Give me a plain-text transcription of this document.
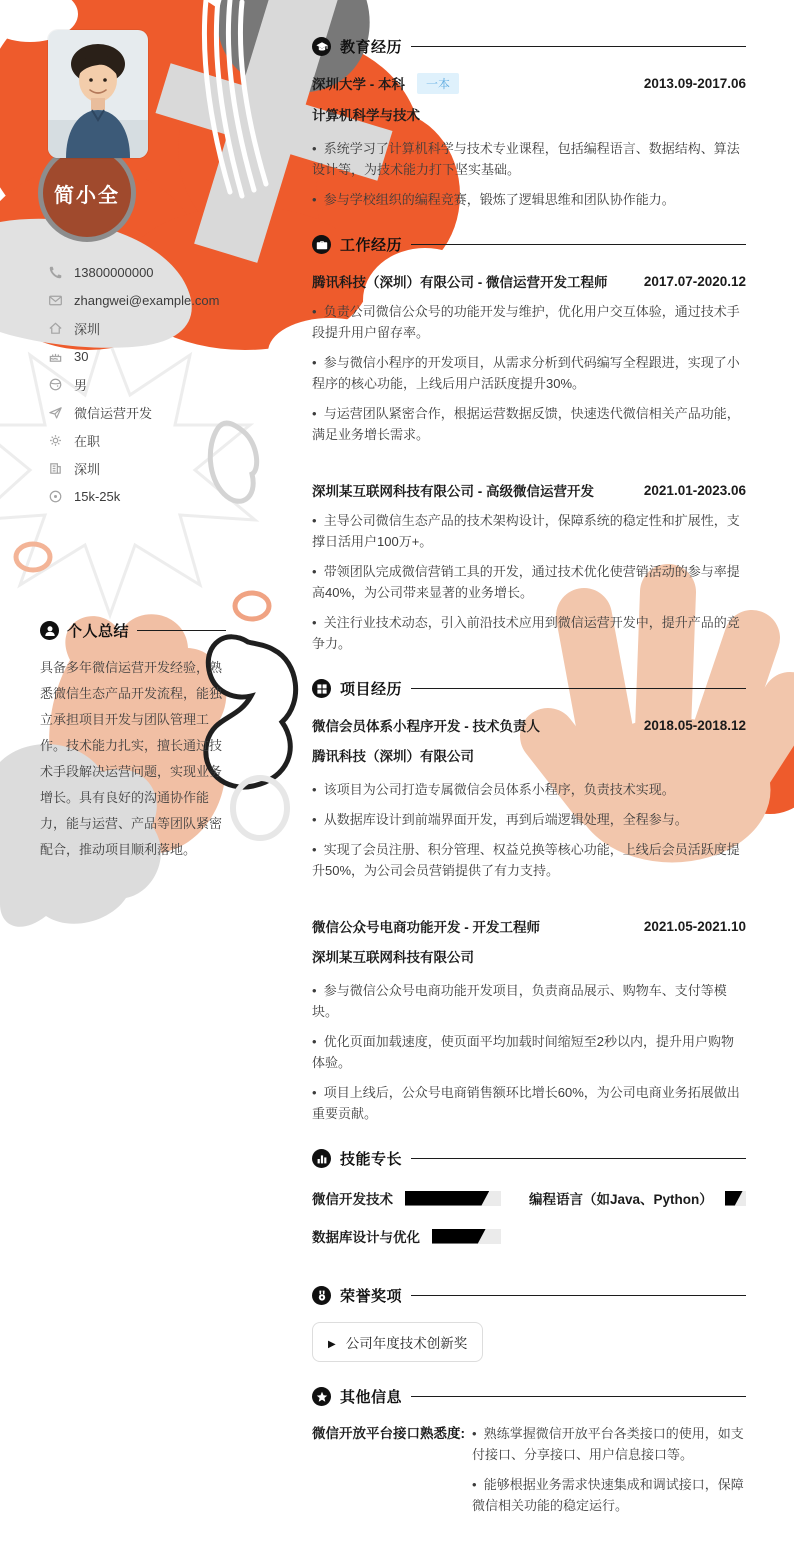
简小全
13800000000
zhangwei@example.com
深圳
30
男
微信运营开发
在职
深圳
15k-25k
个人总结
具备多年微信运营开发经验，熟悉微信生态产品开发流程，能独立承担项目开发与团队管理工作。技术能力扎实，擅长通过技术手段解决运营问题，实现业务增长。具有良好的沟通协作能力，能与运营、产品等团队紧密配合，推动项目顺利落地。
教育经历
深圳大学 - 本科 一本	2013.09-2017.06
计算机科学与技术

•  系统学习了计算机科学与技术专业课程，包括编程语言、数据结构、算法设计等，为技术能力打下坚实基础。

•  参与学校组织的编程竞赛，锻炼了逻辑思维和团队协作能力。

工作经历
腾讯科技（深圳）有限公司 - 微信运营开发工程师	2017.07-2020.12

•  负责公司微信公众号的功能开发与维护，优化用户交互体验，通过技术手段提升用户留存率。

•  参与微信小程序的开发项目，从需求分析到代码编写全程跟进，实现了小程序的核心功能，上线后用户活跃度提升30%。

•  与运营团队紧密合作，根据运营数据反馈，快速迭代微信相关产品功能，满足业务增长需求。

深圳某互联网科技有限公司 - 高级微信运营开发	2021.01-2023.06

•  主导公司微信生态产品的技术架构设计，保障系统的稳定性和扩展性，支撑日活用户100万+。

•  带领团队完成微信营销工具的开发，通过技术优化使营销活动的参与率提高40%，为公司带来显著的业务增长。

•  关注行业技术动态，引入前沿技术应用到微信运营开发中，提升产品的竞争力。

项目经历
微信会员体系小程序开发 - 技术负责人	2018.05-2018.12
腾讯科技（深圳）有限公司

•  该项目为公司打造专属微信会员体系小程序，负责技术实现。

•  从数据库设计到前端界面开发，再到后端逻辑处理，全程参与。

•  实现了会员注册、积分管理、权益兑换等核心功能，上线后会员活跃度提升50%，为公司会员营销提供了有力支持。

微信公众号电商功能开发 - 开发工程师	2021.05-2021.10
深圳某互联网科技有限公司

•  参与微信公众号电商功能开发项目，负责商品展示、购物车、支付等模块。

•  优化页面加载速度，使页面平均加载时间缩短至2秒以内，提升用户购物体验。

•  项目上线后，公众号电商销售额环比增长60%，为公司电商业务拓展做出重要贡献。

技能专长
微信开发技术	编程语言（如Java、Python）
数据库设计与优化
荣誉奖项
▶
公司年度技术创新奖
其他信息
微信开放平台接口熟悉度:	•  熟练掌握微信开放平台各类接口的使用，如支付接口、分享接口、用户信息接口等。

•  能够根据业务需求快速集成和调试接口，保障微信相关功能的稳定运行。
